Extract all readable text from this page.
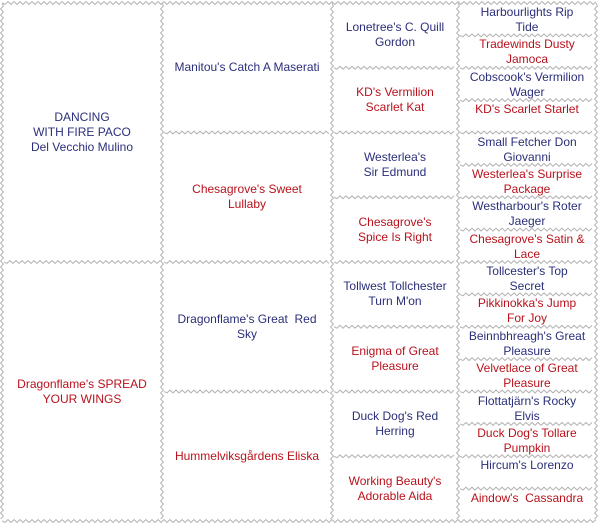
DANCING
WITH FIRE PACO
Del Vecchio Mulino
Dragonflame's SPREAD
YOUR WINGS
Manitou's Catch A Maserati
Chesagrove's Sweet
Lullaby
Dragonflame's Great  Red
Sky
Hummelviksgårdens Eliska
Lonetree's C. Quill
Gordon
KD's Vermilion
Scarlet Kat
Westerlea's
Sir Edmund
Chesagrove's
Spice Is Right
Tollwest Tollchester
Turn M'on
Enigma of Great
Pleasure
Duck Dog's Red
Herring
Working Beauty's
Adorable Aida
Harbourlights Rip
Tide
Tradewinds Dusty
Jamoca
Cobscook's Vermilion
Wager
KD's Scarlet Starlet
Small Fetcher Don
Giovanni
Westerlea's Surprise
Package
Westharbour's Roter
Jaeger
Chesagrove's Satin &
Lace
Tollcester's Top
Secret
Pikkinokka's Jump
For Joy
Beinnbhreagh's Great
Pleasure
Velvetlace of Great
Pleasure
Flottatjärn's Rocky
Elvis
Duck Dog's Tollare
Pumpkin
Hircum's Lorenzo
Aindow's  Cassandra
